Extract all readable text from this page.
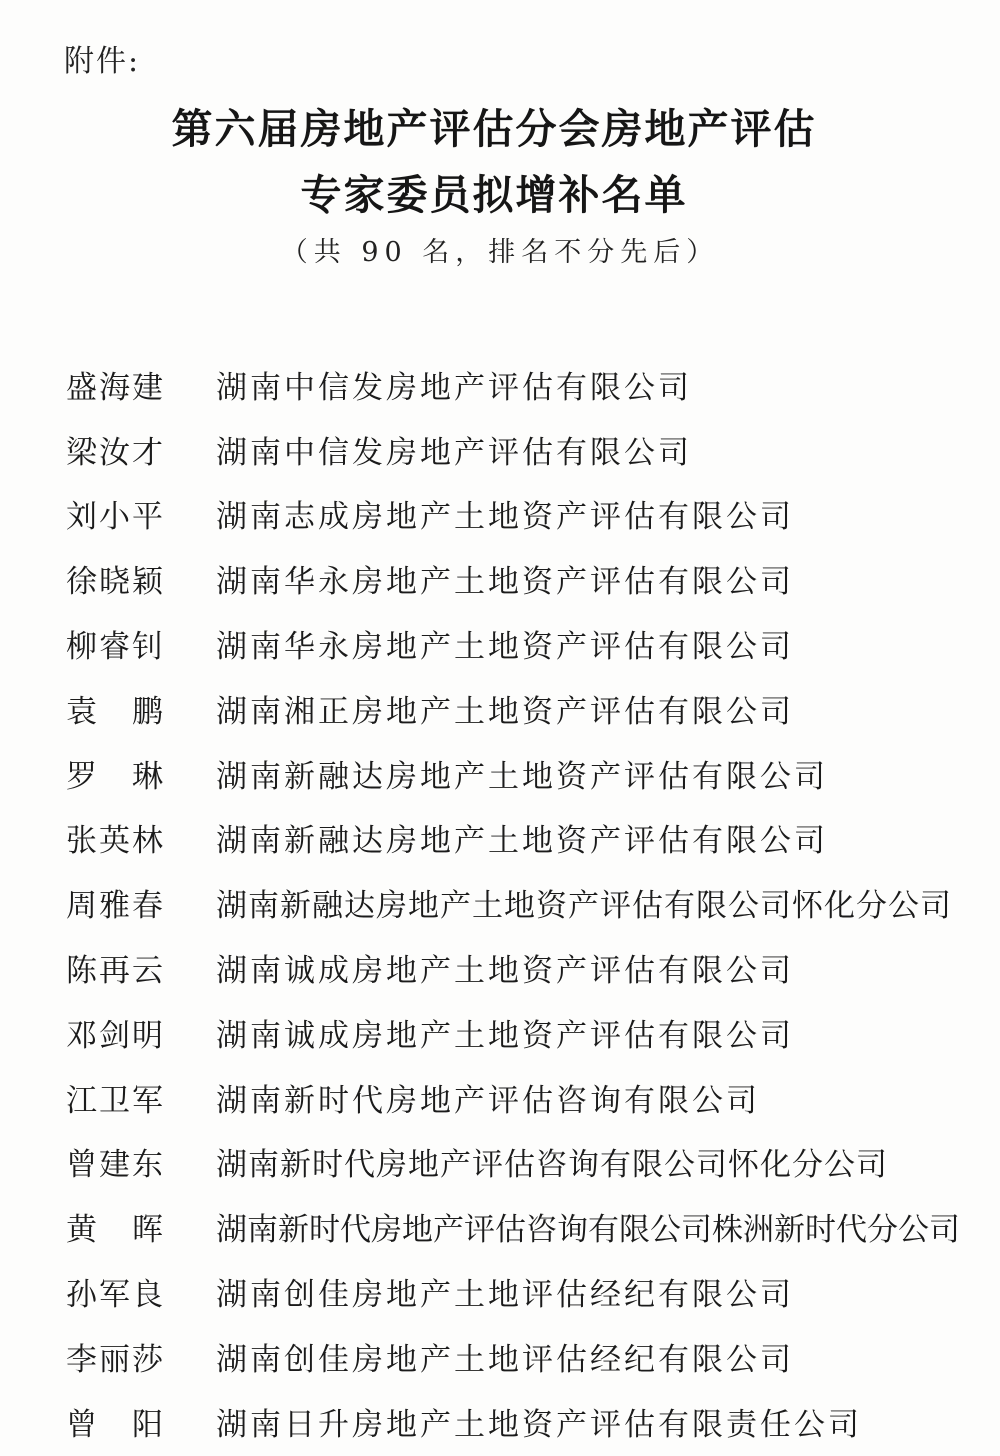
附件:
第六届房地产评估分会房地产评估
专家委员拟增补名单
（共 90 名，排名不分先后）
盛海建	湖南中信发房地产评估有限公司
梁汝才	湖南中信发房地产评估有限公司
刘小平	湖南志成房地产土地资产评估有限公司
徐晓颖	湖南华永房地产土地资产评估有限公司
柳睿钊	湖南华永房地产土地资产评估有限公司
袁　鹏	湖南湘正房地产土地资产评估有限公司
罗　琳	湖南新融达房地产土地资产评估有限公司
张英林	湖南新融达房地产土地资产评估有限公司
周雅春	湖南新融达房地产土地资产评估有限公司怀化分公司
陈再云	湖南诚成房地产土地资产评估有限公司
邓剑明	湖南诚成房地产土地资产评估有限公司
江卫军	湖南新时代房地产评估咨询有限公司
曾建东	湖南新时代房地产评估咨询有限公司怀化分公司
黄　晖	湖南新时代房地产评估咨询有限公司株洲新时代分公司
孙军良	湖南创佳房地产土地评估经纪有限公司
李丽莎	湖南创佳房地产土地评估经纪有限公司
曾　阳	湖南日升房地产土地资产评估有限责任公司
